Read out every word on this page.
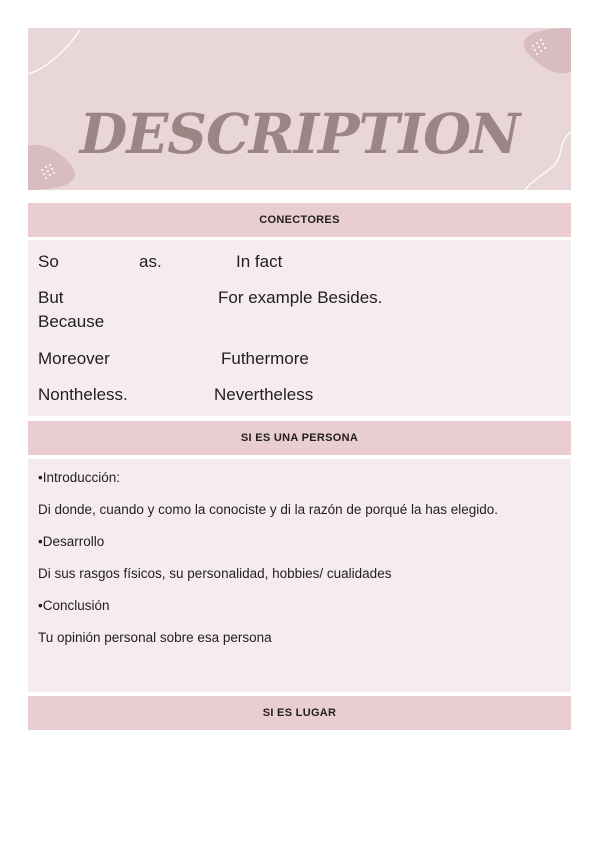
DESCRIPTION
CONECTORES
So	as.	In fact
But	For example Besides.
Because
Moreover	Futhermore
Nontheless.	Nevertheless
SI ES UNA PERSONA
•Introducción:
Di donde, cuando y como la conociste y di la razón de porqué la has elegido.
•Desarrollo
Di sus rasgos físicos, su personalidad, hobbies/ cualidades
•Conclusión
Tu opinión personal sobre esa persona
SI ES LUGAR
